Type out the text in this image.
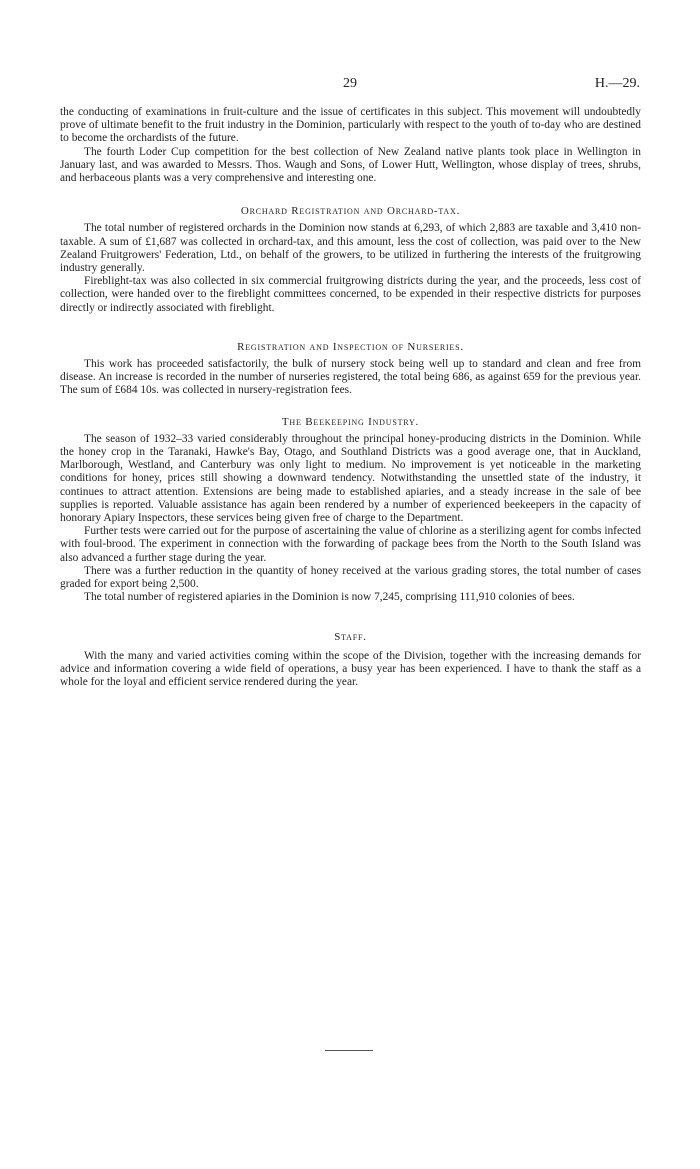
29	H.—29.

the conducting of examinations in fruit-culture and the issue of certificates in this subject. This movement will undoubtedly prove of ultimate benefit to the fruit industry in the Dominion, particularly with respect to the youth of to-day who are destined to become the orchardists of the future.

The fourth Loder Cup competition for the best collection of New Zealand native plants took place in Wellington in January last, and was awarded to Messrs. Thos. Waugh and Sons, of Lower Hutt, Wellington, whose display of trees, shrubs, and herbaceous plants was a very comprehensive and interesting one.

Orchard Registration and Orchard-tax.

The total number of registered orchards in the Dominion now stands at 6,293, of which 2,883 are taxable and 3,410 non-taxable. A sum of £1,687 was collected in orchard-tax, and this amount, less the cost of collection, was paid over to the New Zealand Fruitgrowers' Federation, Ltd., on behalf of the growers, to be utilized in furthering the interests of the fruitgrowing industry generally.

Fireblight-tax was also collected in six commercial fruitgrowing districts during the year, and the proceeds, less cost of collection, were handed over to the fireblight committees concerned, to be expended in their respective districts for purposes directly or indirectly associated with fireblight.

Registration and Inspection of Nurseries.

This work has proceeded satisfactorily, the bulk of nursery stock being well up to standard and clean and free from disease. An increase is recorded in the number of nurseries registered, the total being 686, as against 659 for the previous year. The sum of £684 10s. was collected in nursery-registration fees.

The Beekeeping Industry.

The season of 1932–33 varied considerably throughout the principal honey-producing districts in the Dominion. While the honey crop in the Taranaki, Hawke's Bay, Otago, and Southland Districts was a good average one, that in Auckland, Marlborough, Westland, and Canterbury was only light to medium. No improvement is yet noticeable in the marketing conditions for honey, prices still showing a downward tendency. Notwithstanding the unsettled state of the industry, it continues to attract attention. Extensions are being made to established apiaries, and a steady increase in the sale of bee supplies is reported. Valuable assistance has again been rendered by a number of experienced beekeepers in the capacity of honorary Apiary Inspectors, these services being given free of charge to the Department.

Further tests were carried out for the purpose of ascertaining the value of chlorine as a sterilizing agent for combs infected with foul-brood. The experiment in connection with the forwarding of package bees from the North to the South Island was also advanced a further stage during the year.

There was a further reduction in the quantity of honey received at the various grading stores, the total number of cases graded for export being 2,500.

The total number of registered apiaries in the Dominion is now 7,245, comprising 111,910 colonies of bees.

Staff.

With the many and varied activities coming within the scope of the Division, together with the increasing demands for advice and information covering a wide field of operations, a busy year has been experienced. I have to thank the staff as a whole for the loyal and efficient service rendered during the year.
